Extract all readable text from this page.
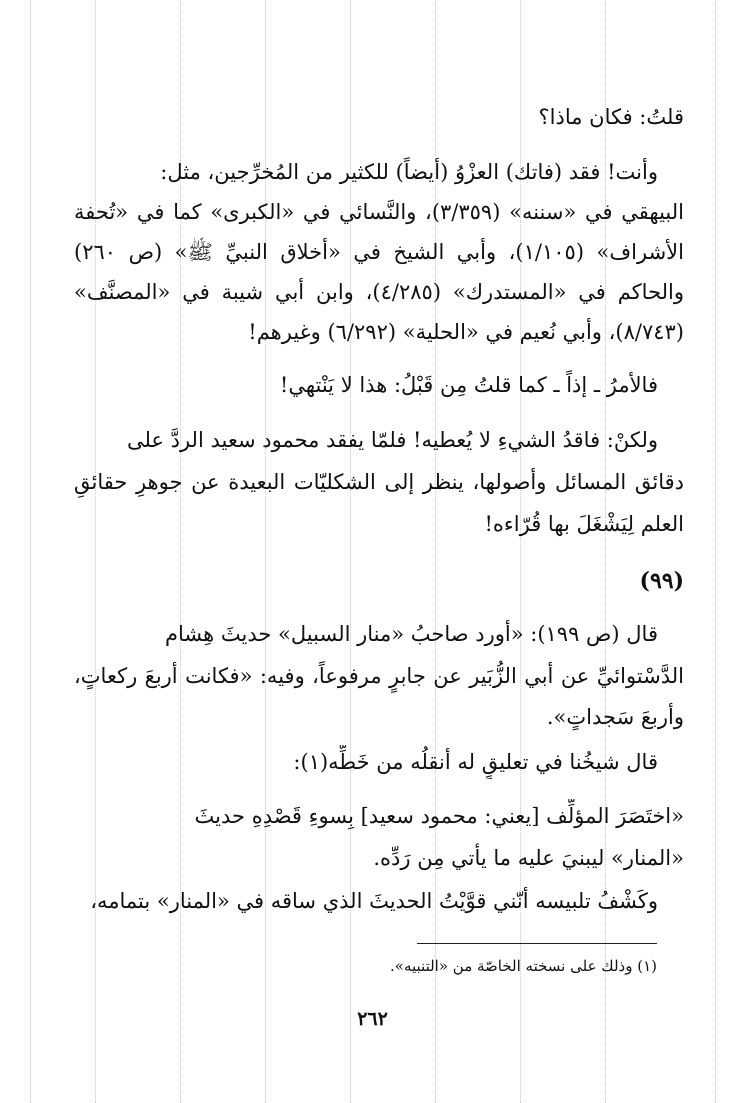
قلتُ: فكان ماذا؟
وأنت! فقد (فاتك) العزْوُ (أيضاً) للكثير من المُخرِّجين، مثل:
البيهقي في «سننه» (٣/٣٥٩)، والنَّسائي في «الكبرى» كما في «تُحفة
الأشراف» (١/١٠٥)، وأبي الشيخ في «أخلاق النبيِّ ﷺ» (ص ٢٦٠)
والحاكم في «المستدرك» (٤/٢٨٥)، وابن أبي شيبة في «المصنَّف»
(٨/٧٤٣)، وأبي نُعيم في «الحلية» (٦/٢٩٢) وغيرهم!
فالأمرُ ـ إذاً ـ كما قلتُ مِن قَبْلُ: هذا لا يَنْتهي!
ولكنْ: فاقدُ الشيءِ لا يُعطيه! فلمّا يفقد محمود سعيد الردَّ على
دقائق المسائل وأصولها، ينظر إلى الشكليّات البعيدة عن جوهرِ حقائقِ
العلم لِيَشْغَلَ بها قُرّاءه!
(٩٩)
قال (ص ١٩٩): «أورد صاحبُ «منار السبيل» حديثَ هِشام
الدَّسْتوائيِّ عن أبي الزُّبَير عن جابرٍ مرفوعاً، وفيه: «فكانت أربعَ ركعاتٍ،
وأربعَ سَجداتٍ».
قال شيخُنا في تعليقٍ له أنقلُه من خَطِّه(١):
«اختَصَرَ المؤلِّف [يعني: محمود سعيد] بِسوءِ قَصْدِهِ حديثَ
«المنار» ليبنيَ عليه ما يأتي مِن رَدِّه.
وكَشْفُ تلبيسه أنّني قوَّيْتُ الحديثَ الذي ساقه في «المنار» بتمامه،
(١) وذلك على نسخته الخاصّة من «التنبيه».
٢٦٢
